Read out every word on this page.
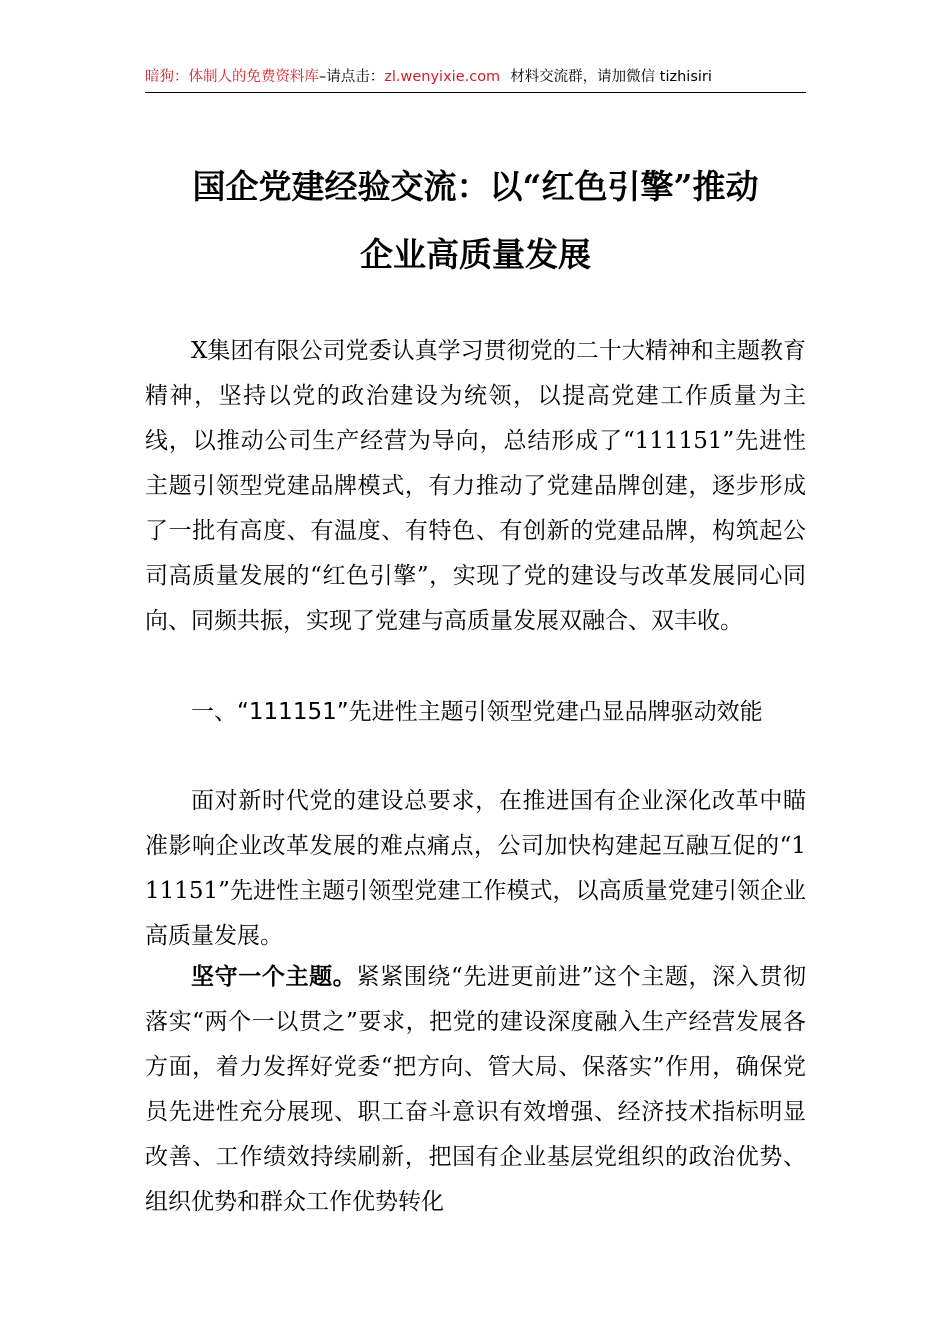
暗狗：体制人的免费资料库–请点击：zl.wenyixie.com 材料交流群，请加微信 tizhisiri
国企党建经验交流：以“红色引擎”推动
企业高质量发展
X集团有限公司党委认真学习贯彻党的二十大精神和主题教育精神，坚持以党的政治建设为统领，以提高党建工作质量为主线，以推动公司生产经营为导向，总结形成了“111151”先进性主题引领型党建品牌模式，有力推动了党建品牌创建，逐步形成了一批有高度、有温度、有特色、有创新的党建品牌，构筑起公司高质量发展的“红色引擎”，实现了党的建设与改革发展同心同向、同频共振，实现了党建与高质量发展双融合、双丰收。
一、“111151”先进性主题引领型党建凸显品牌驱动效能
面对新时代党的建设总要求，在推进国有企业深化改革中瞄准影响企业改革发展的难点痛点，公司加快构建起互融互促的“111151”先进性主题引领型党建工作模式，以高质量党建引领企业高质量发展。
坚守一个主题。紧紧围绕“先进更前进”这个主题，深入贯彻落实“两个一以贯之”要求，把党的建设深度融入生产经营发展各方面，着力发挥好党委“把方向、管大局、保落实”作用，确保党员先进性充分展现、职工奋斗意识有效增强、经济技术指标明显改善、工作绩效持续刷新，把国有企业基层党组织的政治优势、组织优势和群众工作优势转化
